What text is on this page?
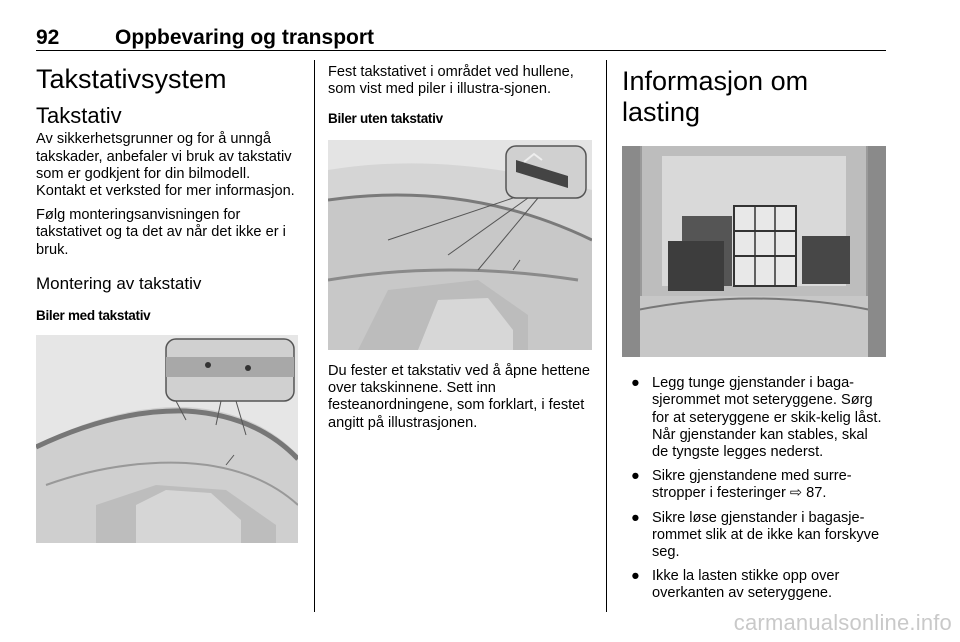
92	Oppbevaring og transport
Takstativsystem
Takstativ

Av sikkerhetsgrunner og for å unngå takskader, anbefaler vi bruk av takstativ som er godkjent for din bilmodell. Kontakt et verksted for mer informasjon.

Følg monteringsanvisningen for takstativet og ta det av når det ikke er i bruk.

Montering av takstativ
Biler med takstativ

Fest takstativet i området ved hullene, som vist med piler i illustra-sjonen.

Biler uten takstativ

Du fester et takstativ ved å åpne hettene over takskinnene. Sett inn festeanordningene, som forklart, i festet angitt på illustrasjonen.

Informasjon om lasting
● Legg tunge gjenstander i baga-sjerommet mot seteryggene. Sørg for at seteryggene er skik-kelig låst. Når gjenstander kan stables, skal de tyngste legges nederst.
● Sikre gjenstandene med surre-stropper i festeringer ⇨ 87.
● Sikre løse gjenstander i bagasje-rommet slik at de ikke kan forskyve seg.
● Ikke la lasten stikke opp over overkanten av seteryggene.
carmanualsonline.info
